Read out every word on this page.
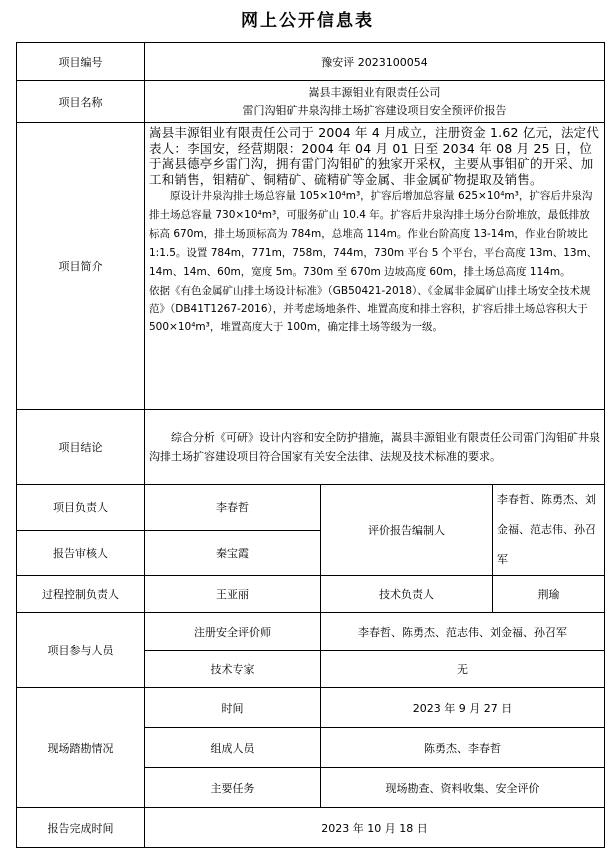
网上公开信息表
项目编号	豫安评 2023100054		
项目名称	嵩县丰源钼业有限责任公司
雷门沟钼矿井泉沟排土场扩容建设项目安全预评价报告		

项目简介	嵩县丰源钼业有限责任公司于 2004 年 4 月成立，注册资金 1.62 亿元，法定代表人：李国安，经营期限：2004 年 04 月 01 日至 2034 年 08 月 25 日，位于嵩县德亭乡雷门沟，拥有雷门沟钼矿的独家开采权，主要从事钼矿的开采、加工和销售，钼精矿、铜精矿、硫精矿等金属、非金属矿物提取及销售。

原设计井泉沟排土场总容量 105×10⁴m³，扩容后增加总容量 625×10⁴m³，扩容后井泉沟排土场总容量 730×10⁴m³，可服务矿山 10.4 年。扩容后井泉沟排土场分台阶堆放，最低排放标高 670m，排土场顶标高为 784m，总堆高 114m。作业台阶高度 13-14m，作业台阶坡比 1:1.5。设置 784m，771m，758m，744m，730m 平台 5 个平台，平台高度 13m、13m、14m、14m、60m，宽度 5m。730m 至 670m 边坡高度 60m，排土场总高度 114m。

依据《有色金属矿山排土场设计标准》（GB50421-2018）、《金属非金属矿山排土场安全技术规范》（DB41T1267-2016），并考虑场地条件、堆置高度和排土容积，扩容后排土场总容积大于 500×10⁴m³，堆置高度大于 100m，确定排土场等级为一级。		

项目结论	综合分析《可研》设计内容和安全防护措施，嵩县丰源钼业有限责任公司雷门沟钼矿井泉沟排土场扩容建设项目符合国家有关安全法律、法规及技术标准的要求。		

项目负责人	李春哲	评价报告编制人	李春哲、陈勇杰、刘金福、范志伟、孙召军
报告审核人	秦宝霞		
过程控制负责人	王亚丽	技术负责人	荆瑜
项目参与人员	注册安全评价师	李春哲、陈勇杰、范志伟、刘金福、孙召军	
	技术专家	无	
现场踏勘情况	时间	2023 年 9 月 27 日	
	组成人员	陈勇杰、李春哲	
	主要任务	现场勘查、资料收集、安全评价	
报告完成时间	2023 年 10 月 18 日		
